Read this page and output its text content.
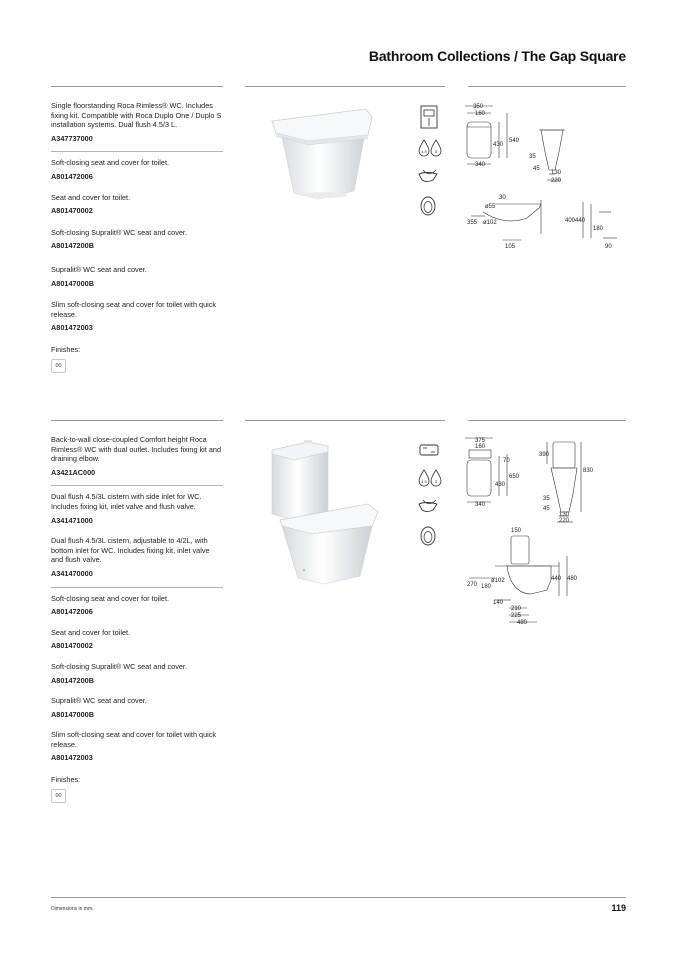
Bathroom Collections / The Gap Square
Single floorstanding Roca Rimless® WC. Includes fixing kit. Compatible with Roca Duplo One / Duplo S installation systems. Dual flush 4.5/3 L.
A347737000
Soft-closing seat and cover for toilet.
A801472006
Seat and cover for toilet.
A801470002
Soft-closing Supralit® WC seat and cover.
A80147200B
Supralit® WC seat and cover.
A80147000B
Slim soft-closing seat and cover for toilet with quick release.
A801472003
Finishes:
00
4.5 3
350
160
430
540
340
35
45
130
220
30
ø55
355 ø102	400 440
180
105	90
Back-to-wall close-coupled Comfort height Roca Rimless® WC with dual outlet. Includes fixing kit and draining elbow.
A3421AC000
Dual flush 4.5/3L cistern with side inlet for WC. Includes fixing kit, inlet valve and flush valve.
A341471000
Dual flush 4.5/3L cistern, adjustable to 4/2L, with bottom inlet for WC. Includes fixing kit, inlet valve and flush valve.
A341470000
Soft-closing seat and cover for toilet.
A801472006
Seat and cover for toilet.
A801470002
Soft-closing Supralit® WC seat and cover.
A80147200B
Supralit® WC seat and cover.
A80147000B
Slim soft-closing seat and cover for toilet with quick release.
A801472003
Finishes:
00
4.5 3
375
160
70
650
430
340
390
830
35
45
130
220
150
ø102
270 180
440 480
140
210
225
480
Dimensions in mm.	119
